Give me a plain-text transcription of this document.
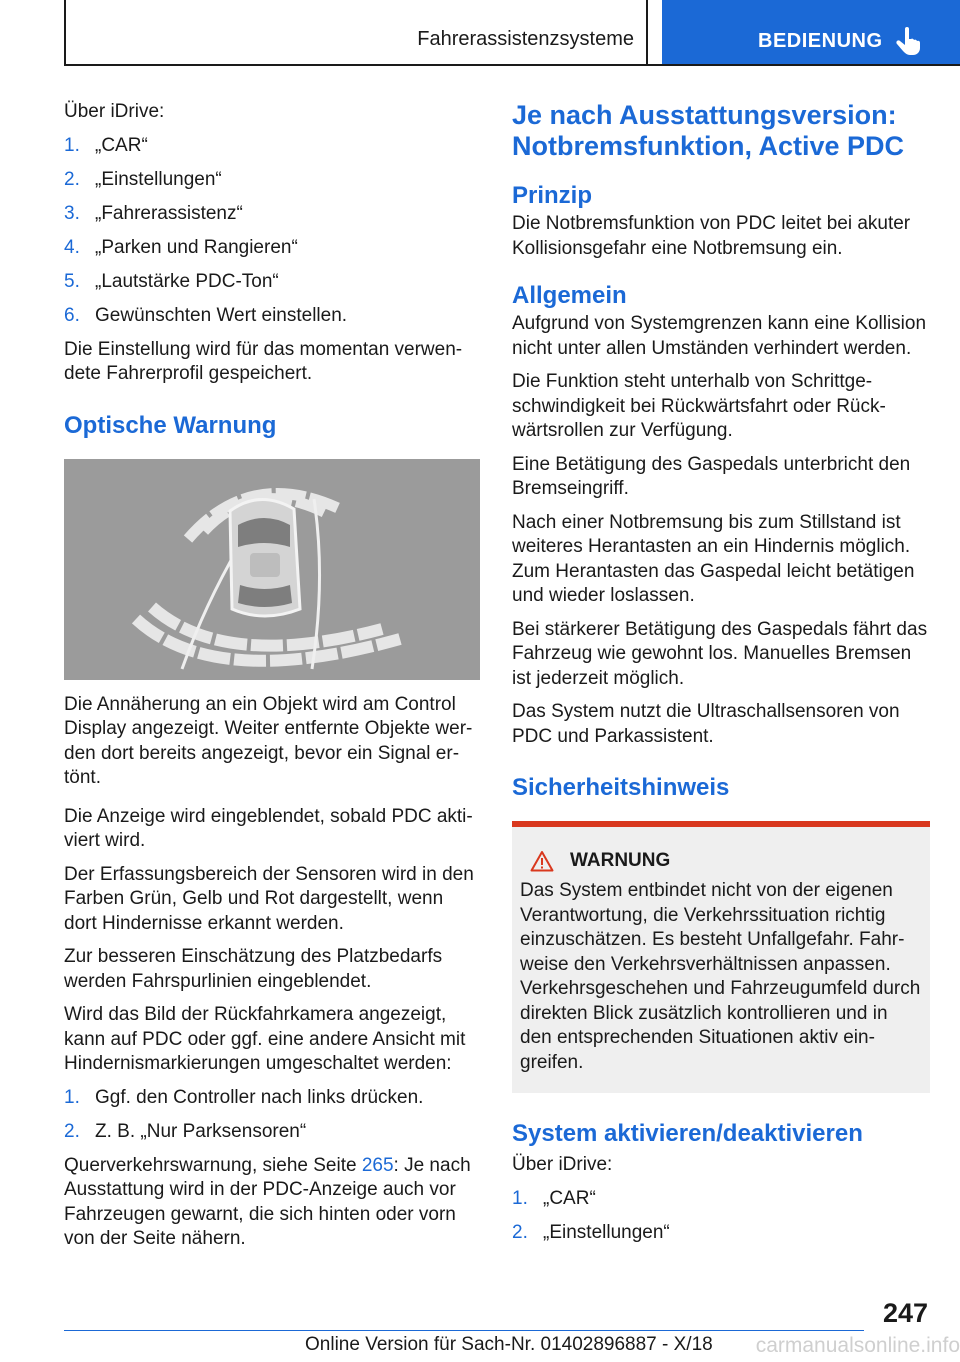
Fahrerassistenzsysteme	BEDIENUNG

Über iDrive:

1. „CAR“
2. „Einstellungen“
3. „Fahrerassistenz“
4. „Parken und Rangieren“
5. „Lautstärke PDC-Ton“
6. Gewünschten Wert einstellen.

Die Einstellung wird für das momentan verwen-dete Fahrerprofil gespeichert.

Optische Warnung

Die Annäherung an ein Objekt wird am Control Display angezeigt. Weiter entfernte Objekte wer-den dort bereits angezeigt, bevor ein Signal er-tönt.

Die Anzeige wird eingeblendet, sobald PDC akti-viert wird.

Der Erfassungsbereich der Sensoren wird in den Farben Grün, Gelb und Rot dargestellt, wenn dort Hindernisse erkannt werden.

Zur besseren Einschätzung des Platzbedarfs werden Fahrspurlinien eingeblendet.

Wird das Bild der Rückfahrkamera angezeigt, kann auf PDC oder ggf. eine andere Ansicht mit Hindernismarkierungen umgeschaltet werden:

1. Ggf. den Controller nach links drücken.
2. Z. B. „Nur Parksensoren“

Querverkehrswarnung, siehe Seite 265: Je nach Ausstattung wird in der PDC-Anzeige auch vor Fahrzeugen gewarnt, die sich hinten oder vorn von der Seite nähern.

Je nach Ausstattungsversion: Notbremsfunktion, Active PDC
Prinzip

Die Notbremsfunktion von PDC leitet bei akuter Kollisionsgefahr eine Notbremsung ein.

Allgemein

Aufgrund von Systemgrenzen kann eine Kollision nicht unter allen Umständen verhindert werden.

Die Funktion steht unterhalb von Schrittge-schwindigkeit bei Rückwärtsfahrt oder Rück-wärtsrollen zur Verfügung.

Eine Betätigung des Gaspedals unterbricht den Bremseingriff.

Nach einer Notbremsung bis zum Stillstand ist weiteres Herantasten an ein Hindernis möglich. Zum Herantasten das Gaspedal leicht betätigen und wieder loslassen.

Bei stärkerer Betätigung des Gaspedals fährt das Fahrzeug wie gewohnt los. Manuelles Bremsen ist jederzeit möglich.

Das System nutzt die Ultraschallsensoren von PDC und Parkassistent.

Sicherheitshinweis
WARNUNG

Das System entbindet nicht von der eigenen Verantwortung, die Verkehrssituation richtig einzuschätzen. Es besteht Unfallgefahr. Fahr-weise den Verkehrsverhältnissen anpassen. Verkehrsgeschehen und Fahrzeugumfeld durch direkten Blick zusätzlich kontrollieren und in den entsprechenden Situationen aktiv ein-greifen.

System aktivieren/deaktivieren

Über iDrive:

1. „CAR“
2. „Einstellungen“
247
Online Version für Sach-Nr. 01402896887 - X/18 carmanualsonline.info
